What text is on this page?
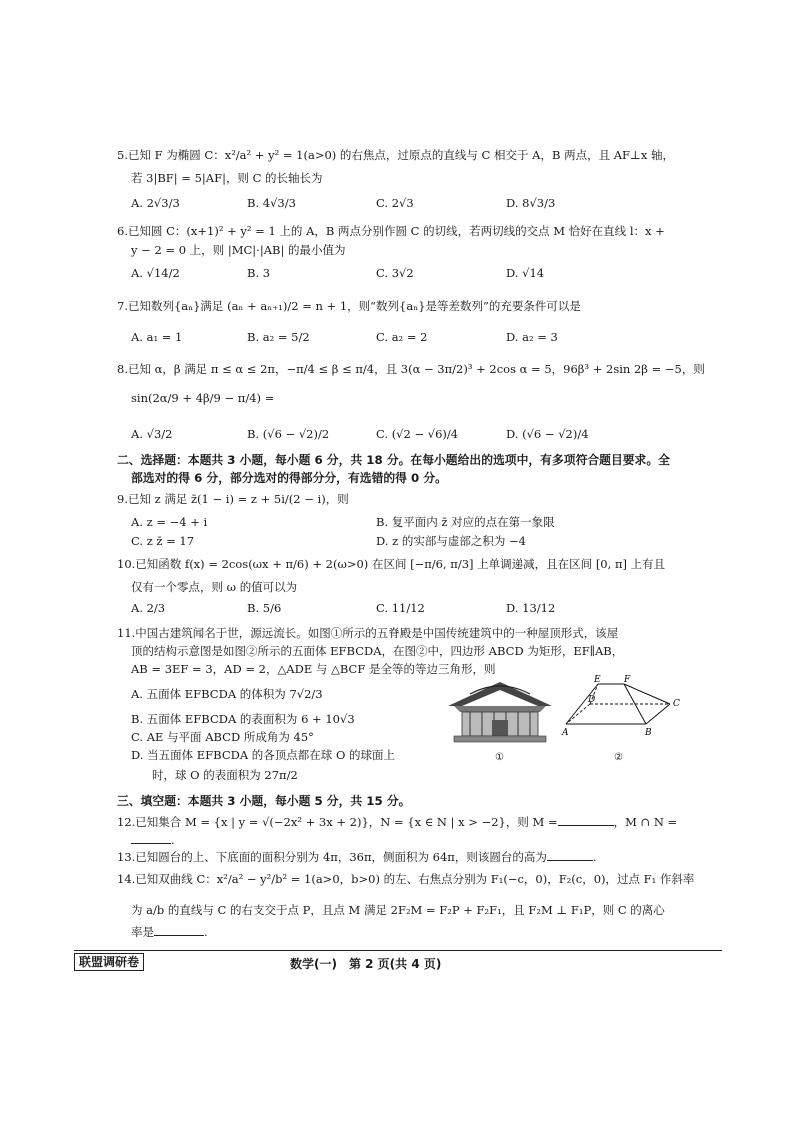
5.已知 F 为椭圆 C：x²/a² + y² = 1(a>0) 的右焦点，过原点的直线与 C 相交于 A，B 两点，且 AF⊥x 轴，
若 3|BF| = 5|AF|，则 C 的长轴长为
A. 2√3/3	B. 4√3/3	C. 2√3	D. 8√3/3
6.已知圆 C：(x+1)² + y² = 1 上的 A，B 两点分别作圆 C 的切线，若两切线的交点 M 恰好在直线 l：x +
y − 2 = 0 上，则 |MC|·|AB| 的最小值为
A. √14/2	B. 3	C. 3√2	D. √14
7.已知数列{aₙ}满足 (aₙ + aₙ₊₁)/2 = n + 1，则“数列{aₙ}是等差数列”的充要条件可以是
A. a₁ = 1	B. a₂ = 5/2	C. a₂ = 2	D. a₂ = 3
8.已知 α，β 满足 π ≤ α ≤ 2π，−π/4 ≤ β ≤ π/4，且 3(α − 3π/2)³ + 2cos α = 5，96β³ + 2sin 2β = −5，则
sin(2α/9 + 4β/9 − π/4) =
A. √3/2	B. (√6 − √2)/2	C. (√2 − √6)/4	D. (√6 − √2)/4
二、选择题：本题共 3 小题，每小题 6 分，共 18 分。在每小题给出的选项中，有多项符合题目要求。全
部选对的得 6 分，部分选对的得部分分，有选错的得 0 分。
9.已知 z 满足 z̄(1 − i) = z + 5i/(2 − i)，则
A. z = −4 + i	B. 复平面内 z̄ 对应的点在第一象限
C. z z̄ = 17	D. z 的实部与虚部之积为 −4
10.已知函数 f(x) = 2cos(ωx + π/6) + 2(ω>0) 在区间 [−π/6, π/3] 上单调递减，且在区间 [0, π] 上有且
仅有一个零点，则 ω 的值可以为
A. 2/3	B. 5/6	C. 11/12	D. 13/12
11.中国古建筑闻名于世，源远流长。如图①所示的五脊殿是中国传统建筑中的一种屋顶形式，该屋
顶的结构示意图是如图②所示的五面体 EFBCDA，在图②中，四边形 ABCD 为矩形，EF∥AB，
AB = 3EF = 3，AD = 2，△ADE 与 △BCF 是全等的等边三角形，则
A. 五面体 EFBCDA 的体积为 7√2/3
B. 五面体 EFBCDA 的表面积为 6 + 10√3
C. AE 与平面 ABCD 所成角为 45°
D. 当五面体 EFBCDA 的各顶点都在球 O 的球面上
时，球 O 的表面积为 27π/2
①
E	F
D	C
A	B
②
三、填空题：本题共 3 小题，每小题 5 分，共 15 分。
12.已知集合 M = {x | y = √(−2x² + 3x + 2)}，N = {x ∈ N | x > −2}，则 M =	，M ∩ N =
.
13.已知圆台的上、下底面的面积分别为 4π，36π，侧面积为 64π，则该圆台的高为	.
14.已知双曲线 C：x²/a² − y²/b² = 1(a>0，b>0) 的左、右焦点分别为 F₁(−c，0)，F₂(c，0)，过点 F₁ 作斜率
为 a/b 的直线与 C 的右支交于点 P，且点 M 满足 2F₂M = F₂P + F₂F₁，且 F₂M ⊥ F₁P，则 C 的离心
率是	.
联盟调研卷	数学(一)　第 2 页(共 4 页)
